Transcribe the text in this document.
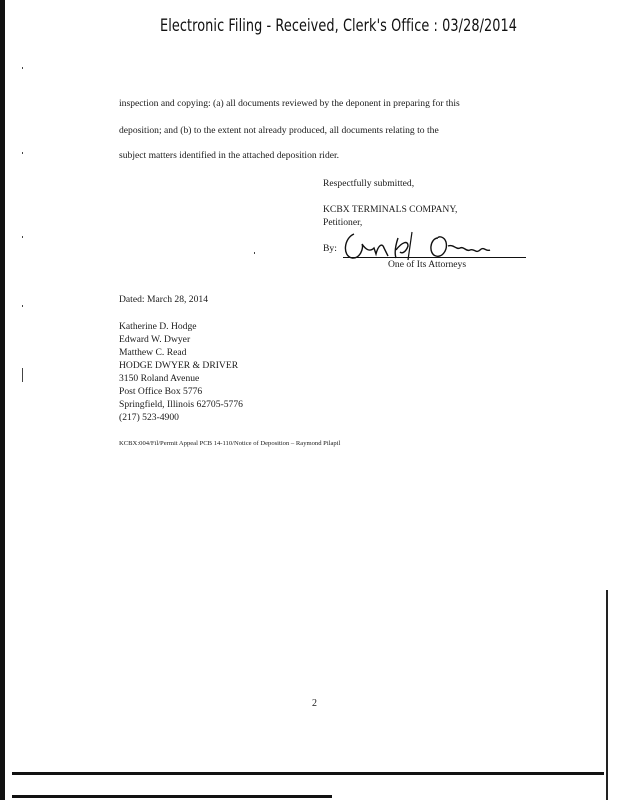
Electronic Filing - Received, Clerk's Office : 03/28/2014
inspection and copying: (a) all documents reviewed by the deponent in preparing for this
deposition; and (b) to the extent not already produced, all documents relating to the
subject matters identified in the attached deposition rider.
Respectfully submitted,
KCBX TERMINALS COMPANY,
Petitioner,
By:
One of Its Attorneys
Dated: March 28, 2014
Katherine D. Hodge
Edward W. Dwyer
Matthew C. Read
HODGE DWYER & DRIVER
3150 Roland Avenue
Post Office Box 5776
Springfield, Illinois 62705-5776
(217) 523-4900
KCBX:004/Fil/Permit Appeal PCB 14-110/Notice of Deposition – Raymond Pilapil
2
